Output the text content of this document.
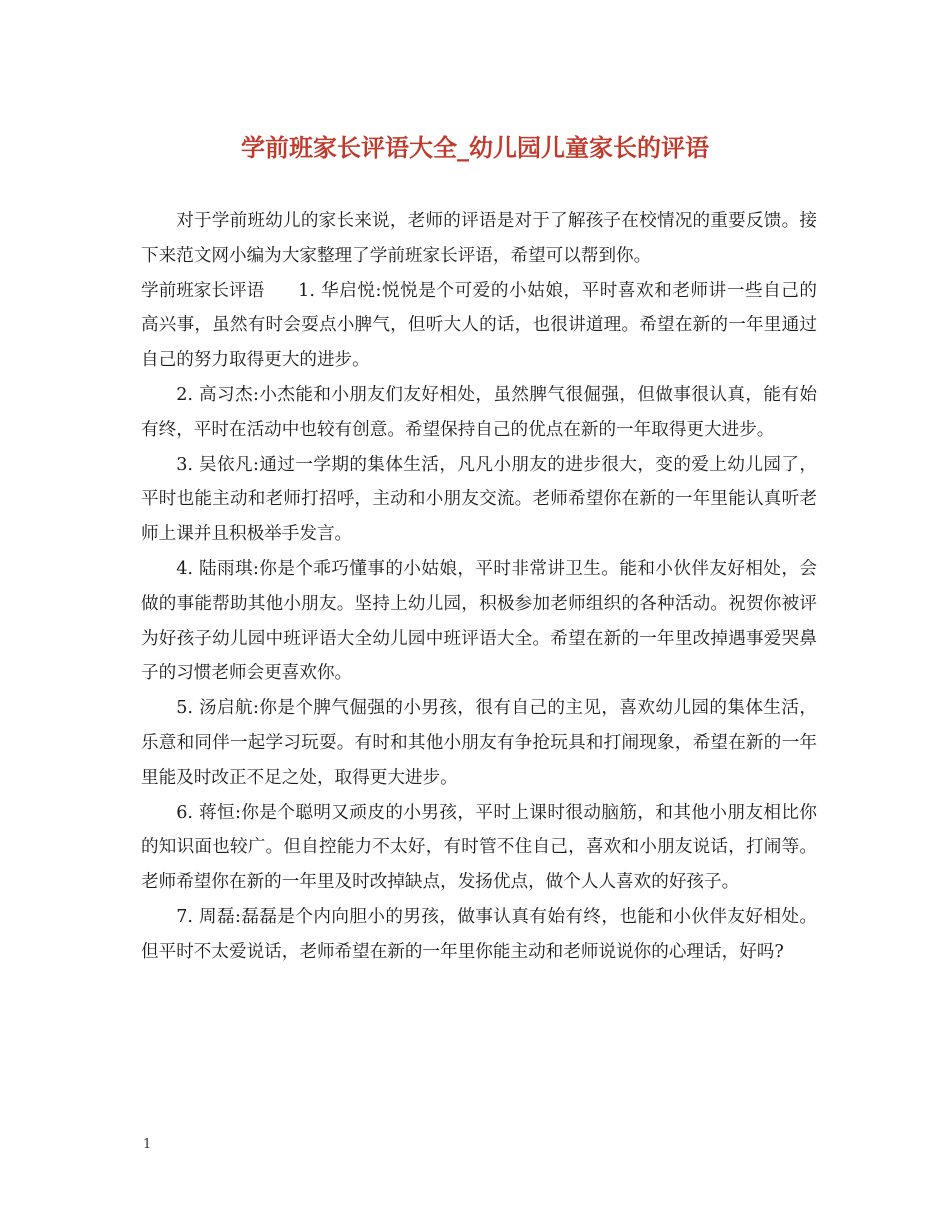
学前班家长评语大全_幼儿园儿童家长的评语

对于学前班幼儿的家长来说，老师的评语是对于了解孩子在校情况的重要反馈。接下来范文网小编为大家整理了学前班家长评语，希望可以帮到你。

学前班家长评语 1. 华启悦:悦悦是个可爱的小姑娘，平时喜欢和老师讲一些自己的高兴事，虽然有时会耍点小脾气，但听大人的话，也很讲道理。希望在新的一年里通过自己的努力取得更大的进步。

2. 高习杰:小杰能和小朋友们友好相处，虽然脾气很倔强，但做事很认真，能有始有终，平时在活动中也较有创意。希望保持自己的优点在新的一年取得更大进步。

3. 吴依凡:通过一学期的集体生活，凡凡小朋友的进步很大，变的爱上幼儿园了，平时也能主动和老师打招呼，主动和小朋友交流。老师希望你在新的一年里能认真听老师上课并且积极举手发言。

4. 陆雨琪:你是个乖巧懂事的小姑娘，平时非常讲卫生。能和小伙伴友好相处，会做的事能帮助其他小朋友。坚持上幼儿园，积极参加老师组织的各种活动。祝贺你被评为好孩子幼儿园中班评语大全幼儿园中班评语大全。希望在新的一年里改掉遇事爱哭鼻子的习惯老师会更喜欢你。

5. 汤启航:你是个脾气倔强的小男孩，很有自己的主见，喜欢幼儿园的集体生活，乐意和同伴一起学习玩耍。有时和其他小朋友有争抢玩具和打闹现象，希望在新的一年里能及时改正不足之处，取得更大进步。

6. 蒋恒:你是个聪明又顽皮的小男孩，平时上课时很动脑筋，和其他小朋友相比你的知识面也较广。但自控能力不太好，有时管不住自己，喜欢和小朋友说话，打闹等。老师希望你在新的一年里及时改掉缺点，发扬优点，做个人人喜欢的好孩子。

7. 周磊:磊磊是个内向胆小的男孩，做事认真有始有终，也能和小伙伴友好相处。但平时不太爱说话，老师希望在新的一年里你能主动和老师说说你的心理话，好吗?

1
